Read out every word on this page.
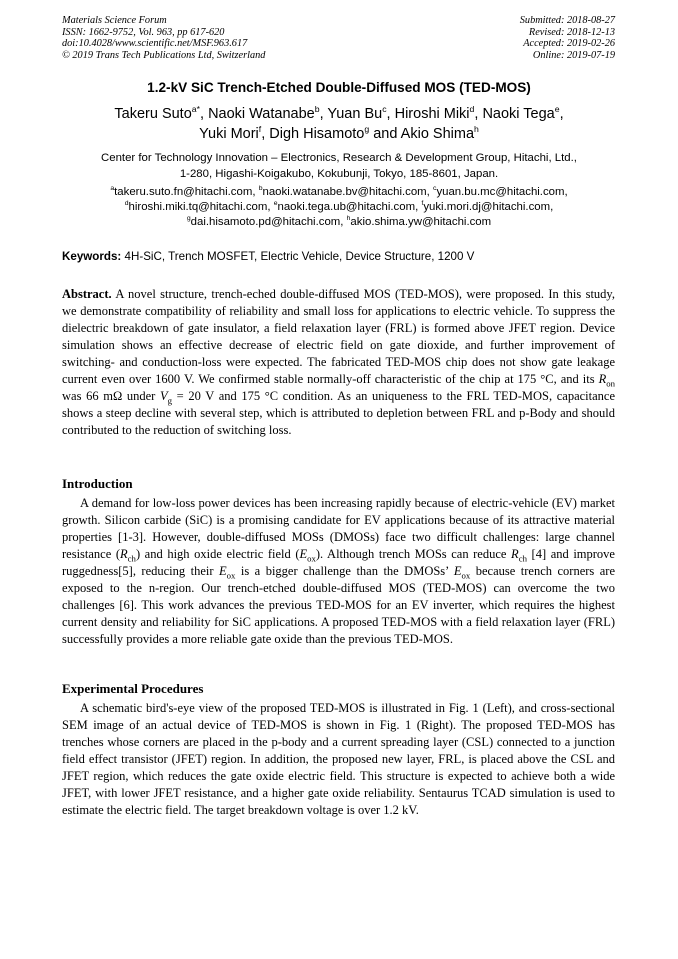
Materials Science Forum
ISSN: 1662-9752, Vol. 963, pp 617-620
doi:10.4028/www.scientific.net/MSF.963.617
© 2019 Trans Tech Publications Ltd, Switzerland
Submitted: 2018-08-27
Revised: 2018-12-13
Accepted: 2019-02-26
Online: 2019-07-19
1.2-kV SiC Trench-Etched Double-Diffused MOS (TED-MOS)
Takeru Suto$^{a*}$, Naoki Watanabe$^b$, Yuan Bu$^c$, Hiroshi Miki$^d$, Naoki Tega$^e$,
Yuki Mori$^f$, Digh Hisamoto$^g$ and Akio Shima$^h$
Center for Technology Innovation – Electronics, Research & Development Group, Hitachi, Ltd.,
1-280, Higashi-Koigakubo, Kokubunji, Tokyo, 185-8601, Japan.
$^a$takeru.suto.fn@hitachi.com, $^b$naoki.watanabe.bv@hitachi.com, $^c$yuan.bu.mc@hitachi.com,
$^d$hiroshi.miki.tq@hitachi.com, $^e$naoki.tega.ub@hitachi.com, $^f$yuki.mori.dj@hitachi.com,
$^g$dai.hisamoto.pd@hitachi.com, $^h$akio.shima.yw@hitachi.com
Keywords: 4H-SiC, Trench MOSFET, Electric Vehicle, Device Structure, 1200 V
Abstract. A novel structure, trench-eched double-diffused MOS (TED-MOS), were proposed. In this study, we demonstrate compatibility of reliability and small loss for applications to electric vehicle. To suppress the dielectric breakdown of gate insulator, a field relaxation layer (FRL) is formed above JFET region. Device simulation shows an effective decrease of electric field on gate dioxide, and further improvement of switching- and conduction-loss were expected. The fabricated TED-MOS chip does not show gate leakage current even over 1600 V. We confirmed stable normally-off characteristic of the chip at 175 °C, and its $R_{on}$ was 66 mΩ under $V_g = 20$ V and 175 °C condition. As an uniqueness to the FRL TED-MOS, capacitance shows a steep decline with several step, which is attributed to depletion between FRL and p-Body and should contributed to the reduction of switching loss.
Introduction
A demand for low-loss power devices has been increasing rapidly because of electric-vehicle (EV) market growth. Silicon carbide (SiC) is a promising candidate for EV applications because of its attractive material properties [1-3]. However, double-diffused MOSs (DMOSs) face two difficult challenges: large channel resistance $(R_{ch})$ and high oxide electric field $(E_{ox})$. Although trench MOSs can reduce $R_{ch}$ [4] and improve ruggedness[5], reducing their $E_{ox}$ is a bigger challenge than the DMOSs’ $E_{ox}$ because trench corners are exposed to the n-region. Our trench-etched double-diffused MOS (TED-MOS) can overcome the two challenges [6]. This work advances the previous TED-MOS for an EV inverter, which requires the highest current density and reliability for SiC applications. A proposed TED-MOS with a field relaxation layer (FRL) successfully provides a more reliable gate oxide than the previous TED-MOS.
Experimental Procedures
A schematic bird's-eye view of the proposed TED-MOS is illustrated in Fig. 1 (Left), and cross-sectional SEM image of an actual device of TED-MOS is shown in Fig. 1 (Right). The proposed TED-MOS has trenches whose corners are placed in the p-body and a current spreading layer (CSL) connected to a junction field effect transistor (JFET) region. In addition, the proposed new layer, FRL, is placed above the CSL and JFET region, which reduces the gate oxide electric field. This structure is expected to achieve both a wide JFET, with lower JFET resistance, and a higher gate oxide reliability. Sentaurus TCAD simulation is used to estimate the electric field. The target breakdown voltage is over 1.2 kV.
